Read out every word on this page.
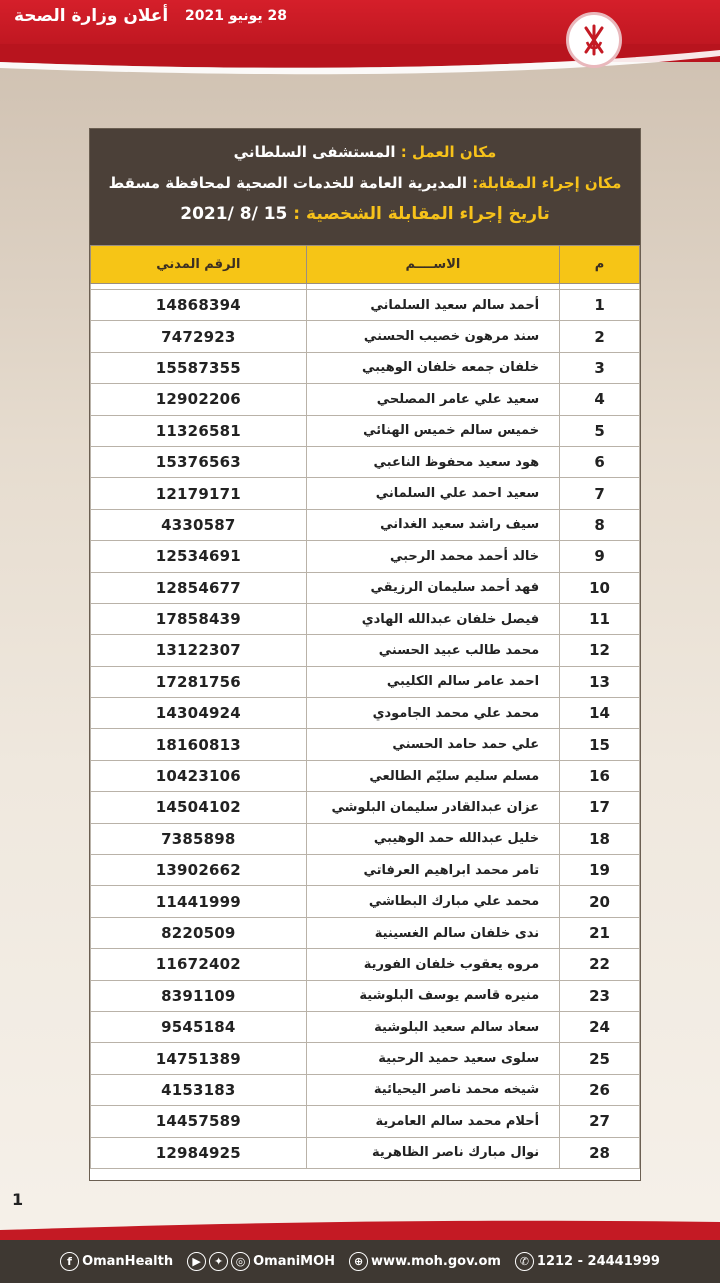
أعلان وزارة الصحة 28 يونيو 2021
مكان العمل : المستشفى السلطاني
مكان إجراء المقابلة: المديرية العامة للخدمات الصحية لمحافظة مسقط
تاريخ إجراء المقابلة الشخصية : 15 /8 /2021
م	الاســــم	الرقم المدني

1	أحمد سالم سعيد السلماني	14868394
2	سند مرهون خصيب الحسني	7472923
3	خلفان جمعه خلفان الوهيبي	15587355
4	سعيد علي عامر المصلحي	12902206
5	خميس سالم خميس الهنائي	11326581
6	هود سعيد محفوظ الناعبي	15376563
7	سعيد احمد علي السلماني	12179171
8	سيف راشد سعيد الغداني	4330587
9	خالد أحمد محمد الرحبي	12534691
10	فهد أحمد سليمان الرزيقي	12854677
11	فيصل خلفان عبدالله الهادي	17858439
12	محمد طالب عبيد الحسني	13122307
13	احمد عامر سالم الكليبي	17281756
14	محمد علي محمد الجامودي	14304924
15	علي حمد حامد الحسني	18160813
16	مسلم سليم سليّم الطالعي	10423106
17	عزان عبدالقادر سليمان البلوشي	14504102
18	خليل عبدالله حمد الوهيبي	7385898
19	تامر محمد ابراهيم العرفاتي	13902662
20	محمد علي مبارك البطاشي	11441999
21	ندى خلفان سالم الغسينية	8220509
22	مروه يعقوب خلفان الفورية	11672402
23	منيره قاسم يوسف البلوشية	8391109
24	سعاد سالم سعيد البلوشية	9545184
25	سلوى سعيد حميد الرحبية	14751389
26	شيخه محمد ناصر اليحيائية	4153183
27	أحلام محمد سالم العامرية	14457589
28	نوال مبارك ناصر الظاهرية	12984925
1
f OmanHealth	▶	✦	◎ OmaniMOH	⊕ www.moh.gov.om	✆ 1212 - 24441999
